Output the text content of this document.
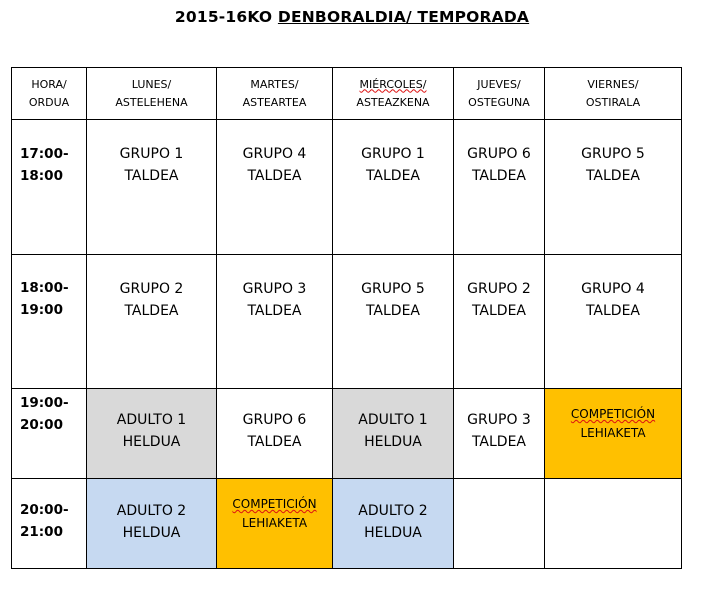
2015-16KO DENBORALDIA/ TEMPORADA
HORA/
ORDUA	LUNES/
ASTELEHENA	MARTES/
ASTEARTEA	MIÉRCOLES/
ASTEAZKENA	JUEVES/
OSTEGUNA	VIERNES/
OSTIRALA

17:00-
18:00	GRUPO 1
TALDEA	GRUPO 4
TALDEA	GRUPO 1
TALDEA	GRUPO 6
TALDEA	GRUPO 5
TALDEA

18:00-
19:00	GRUPO 2
TALDEA	GRUPO 3
TALDEA	GRUPO 5
TALDEA	GRUPO 2
TALDEA	GRUPO 4
TALDEA

19:00-
20:00	ADULTO 1
HELDUA	GRUPO 6
TALDEA	ADULTO 1
HELDUA	GRUPO 3
TALDEA	COMPETICIÓN
LEHIAKETA

20:00-
21:00	ADULTO 2
HELDUA	COMPETICIÓN
LEHIAKETA	ADULTO 2
HELDUA		
